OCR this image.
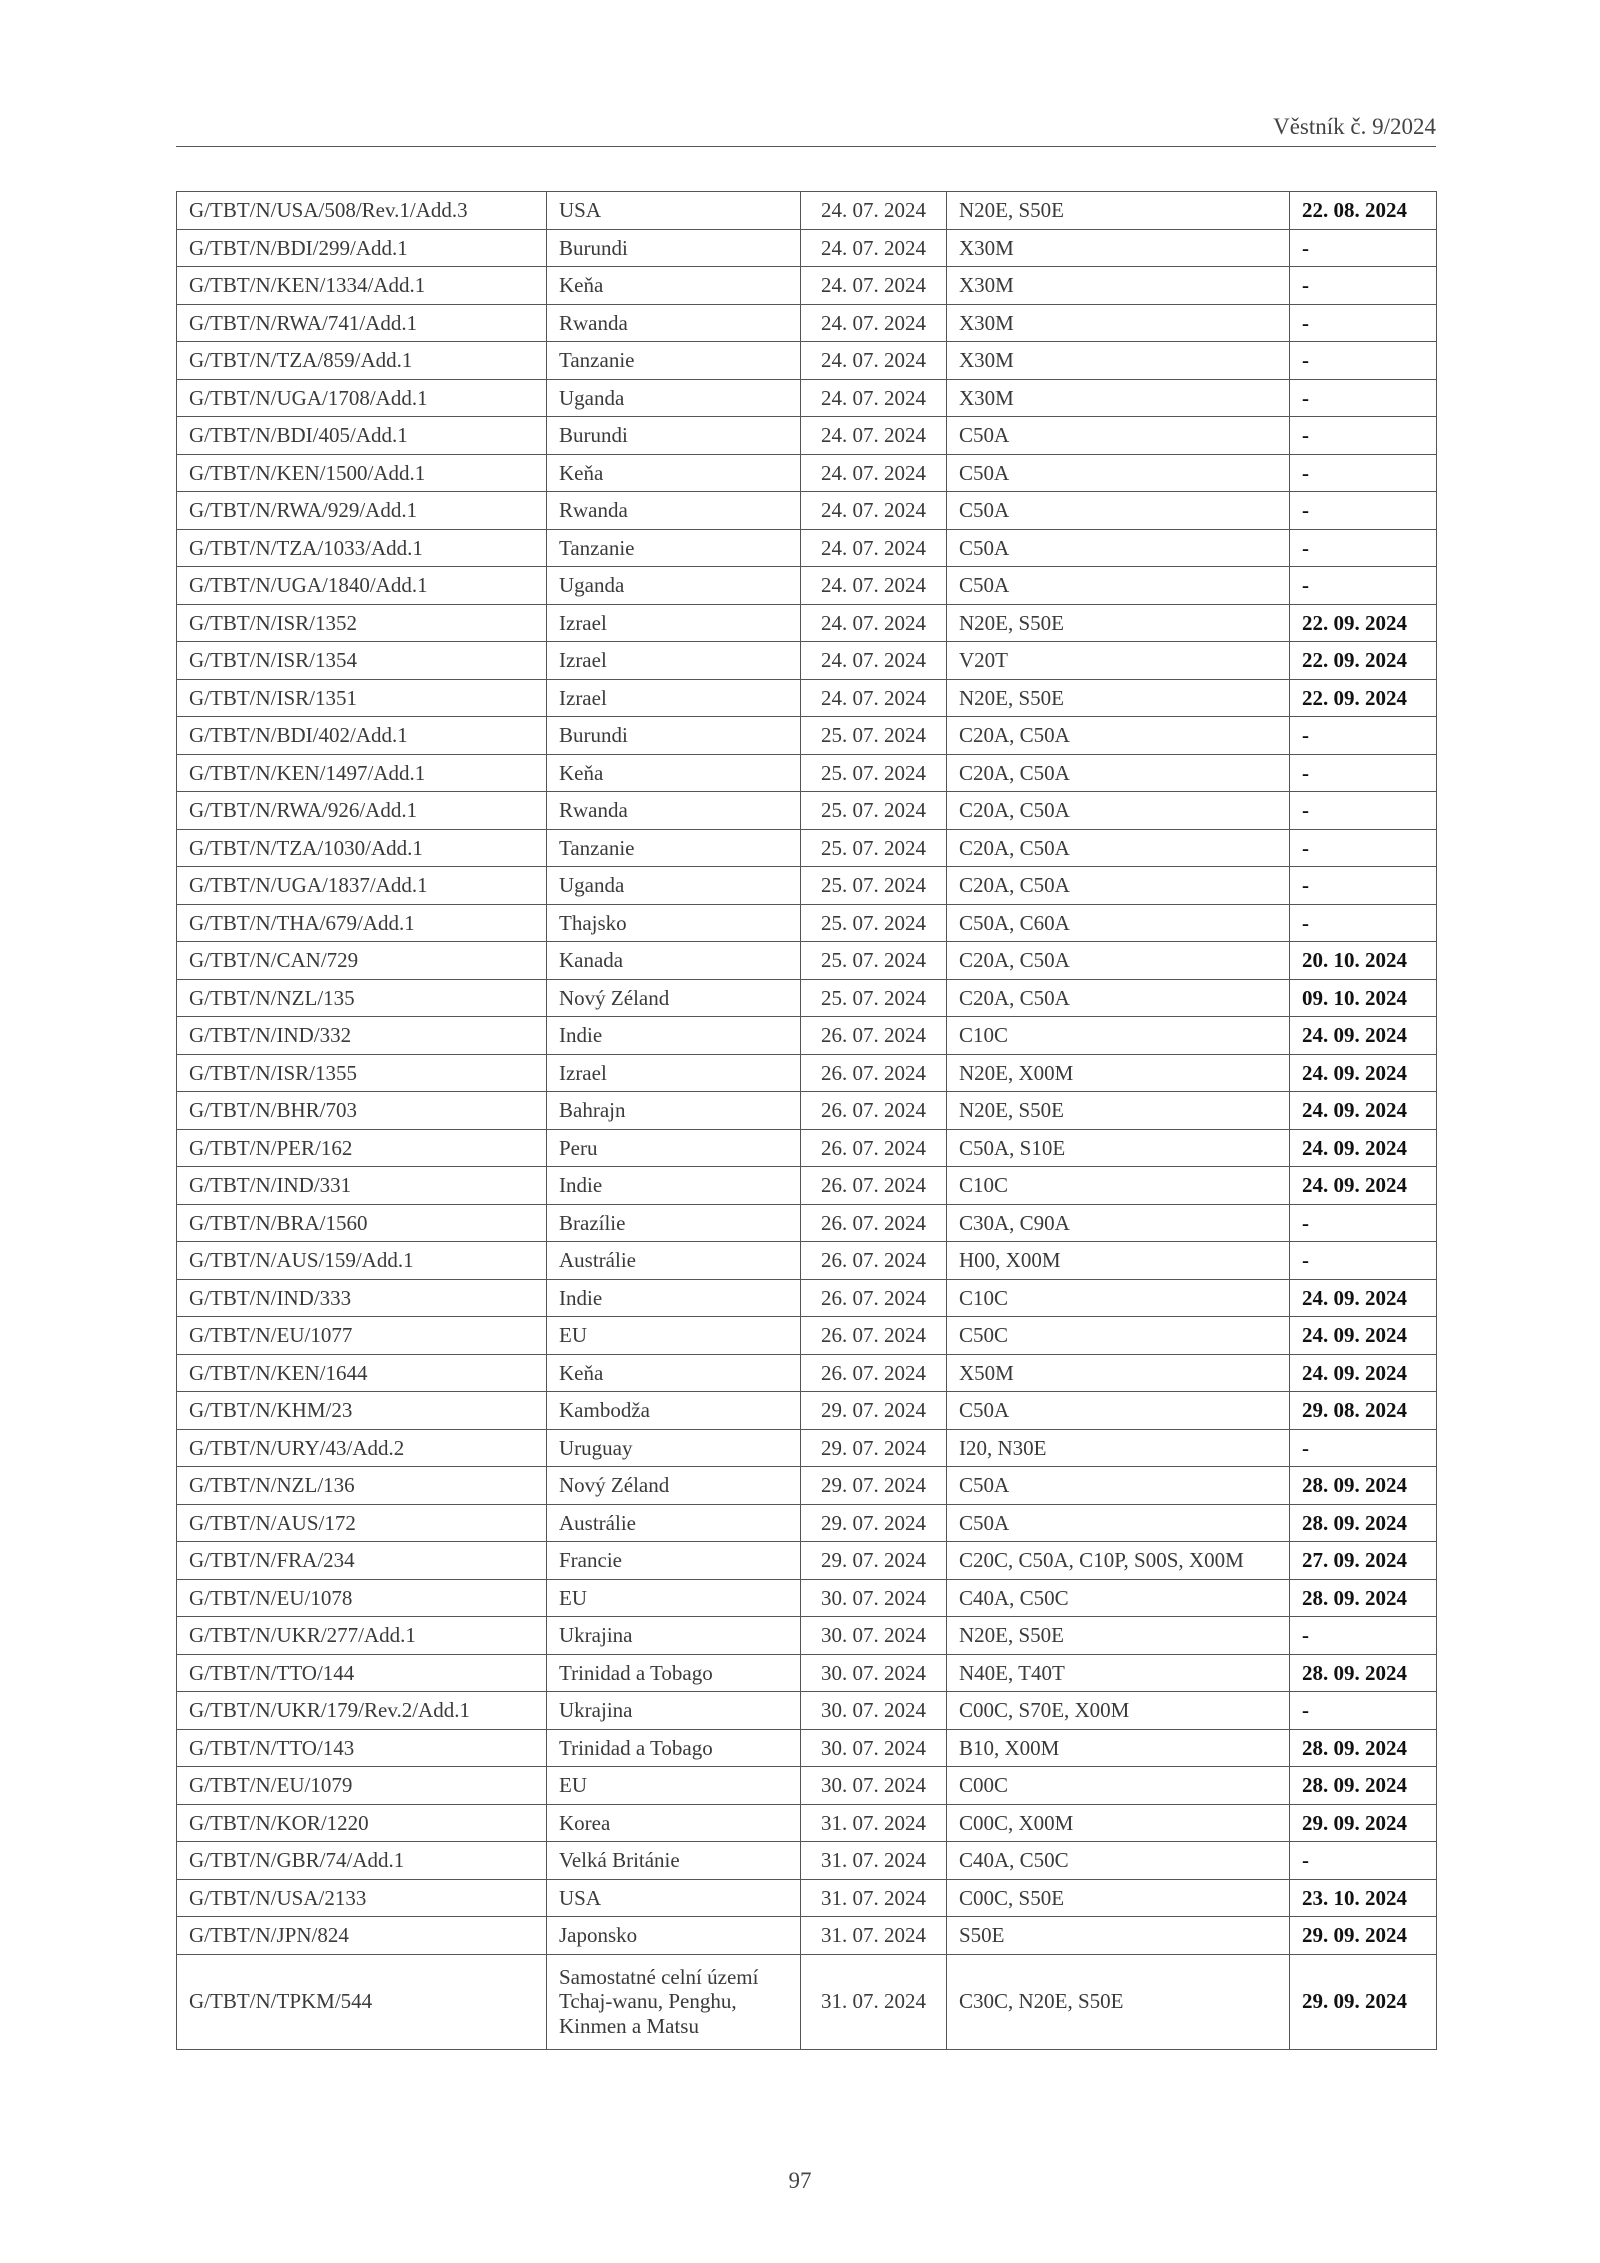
Věstník č. 9/2024
G/TBT/N/USA/508/Rev.1/Add.3	USA	24. 07. 2024	N20E, S50E	22. 08. 2024
G/TBT/N/BDI/299/Add.1	Burundi	24. 07. 2024	X30M	-
G/TBT/N/KEN/1334/Add.1	Keňa	24. 07. 2024	X30M	-
G/TBT/N/RWA/741/Add.1	Rwanda	24. 07. 2024	X30M	-
G/TBT/N/TZA/859/Add.1	Tanzanie	24. 07. 2024	X30M	-
G/TBT/N/UGA/1708/Add.1	Uganda	24. 07. 2024	X30M	-
G/TBT/N/BDI/405/Add.1	Burundi	24. 07. 2024	C50A	-
G/TBT/N/KEN/1500/Add.1	Keňa	24. 07. 2024	C50A	-
G/TBT/N/RWA/929/Add.1	Rwanda	24. 07. 2024	C50A	-
G/TBT/N/TZA/1033/Add.1	Tanzanie	24. 07. 2024	C50A	-
G/TBT/N/UGA/1840/Add.1	Uganda	24. 07. 2024	C50A	-
G/TBT/N/ISR/1352	Izrael	24. 07. 2024	N20E, S50E	22. 09. 2024
G/TBT/N/ISR/1354	Izrael	24. 07. 2024	V20T	22. 09. 2024
G/TBT/N/ISR/1351	Izrael	24. 07. 2024	N20E, S50E	22. 09. 2024
G/TBT/N/BDI/402/Add.1	Burundi	25. 07. 2024	C20A, C50A	-
G/TBT/N/KEN/1497/Add.1	Keňa	25. 07. 2024	C20A, C50A	-
G/TBT/N/RWA/926/Add.1	Rwanda	25. 07. 2024	C20A, C50A	-
G/TBT/N/TZA/1030/Add.1	Tanzanie	25. 07. 2024	C20A, C50A	-
G/TBT/N/UGA/1837/Add.1	Uganda	25. 07. 2024	C20A, C50A	-
G/TBT/N/THA/679/Add.1	Thajsko	25. 07. 2024	C50A, C60A	-
G/TBT/N/CAN/729	Kanada	25. 07. 2024	C20A, C50A	20. 10. 2024
G/TBT/N/NZL/135	Nový Zéland	25. 07. 2024	C20A, C50A	09. 10. 2024
G/TBT/N/IND/332	Indie	26. 07. 2024	C10C	24. 09. 2024
G/TBT/N/ISR/1355	Izrael	26. 07. 2024	N20E, X00M	24. 09. 2024
G/TBT/N/BHR/703	Bahrajn	26. 07. 2024	N20E, S50E	24. 09. 2024
G/TBT/N/PER/162	Peru	26. 07. 2024	C50A, S10E	24. 09. 2024
G/TBT/N/IND/331	Indie	26. 07. 2024	C10C	24. 09. 2024
G/TBT/N/BRA/1560	Brazílie	26. 07. 2024	C30A, C90A	-
G/TBT/N/AUS/159/Add.1	Austrálie	26. 07. 2024	H00, X00M	-
G/TBT/N/IND/333	Indie	26. 07. 2024	C10C	24. 09. 2024
G/TBT/N/EU/1077	EU	26. 07. 2024	C50C	24. 09. 2024
G/TBT/N/KEN/1644	Keňa	26. 07. 2024	X50M	24. 09. 2024
G/TBT/N/KHM/23	Kambodža	29. 07. 2024	C50A	29. 08. 2024
G/TBT/N/URY/43/Add.2	Uruguay	29. 07. 2024	I20, N30E	-
G/TBT/N/NZL/136	Nový Zéland	29. 07. 2024	C50A	28. 09. 2024
G/TBT/N/AUS/172	Austrálie	29. 07. 2024	C50A	28. 09. 2024
G/TBT/N/FRA/234	Francie	29. 07. 2024	C20C, C50A, C10P, S00S, X00M	27. 09. 2024
G/TBT/N/EU/1078	EU	30. 07. 2024	C40A, C50C	28. 09. 2024
G/TBT/N/UKR/277/Add.1	Ukrajina	30. 07. 2024	N20E, S50E	-
G/TBT/N/TTO/144	Trinidad a Tobago	30. 07. 2024	N40E, T40T	28. 09. 2024
G/TBT/N/UKR/179/Rev.2/Add.1	Ukrajina	30. 07. 2024	C00C, S70E, X00M	-
G/TBT/N/TTO/143	Trinidad a Tobago	30. 07. 2024	B10, X00M	28. 09. 2024
G/TBT/N/EU/1079	EU	30. 07. 2024	C00C	28. 09. 2024
G/TBT/N/KOR/1220	Korea	31. 07. 2024	C00C, X00M	29. 09. 2024
G/TBT/N/GBR/74/Add.1	Velká Británie	31. 07. 2024	C40A, C50C	-
G/TBT/N/USA/2133	USA	31. 07. 2024	C00C, S50E	23. 10. 2024
G/TBT/N/JPN/824	Japonsko	31. 07. 2024	S50E	29. 09. 2024
G/TBT/N/TPKM/544	Samostatné celní území Tchaj-wanu, Penghu, Kinmen a Matsu	31. 07. 2024	C30C, N20E, S50E	29. 09. 2024
97
